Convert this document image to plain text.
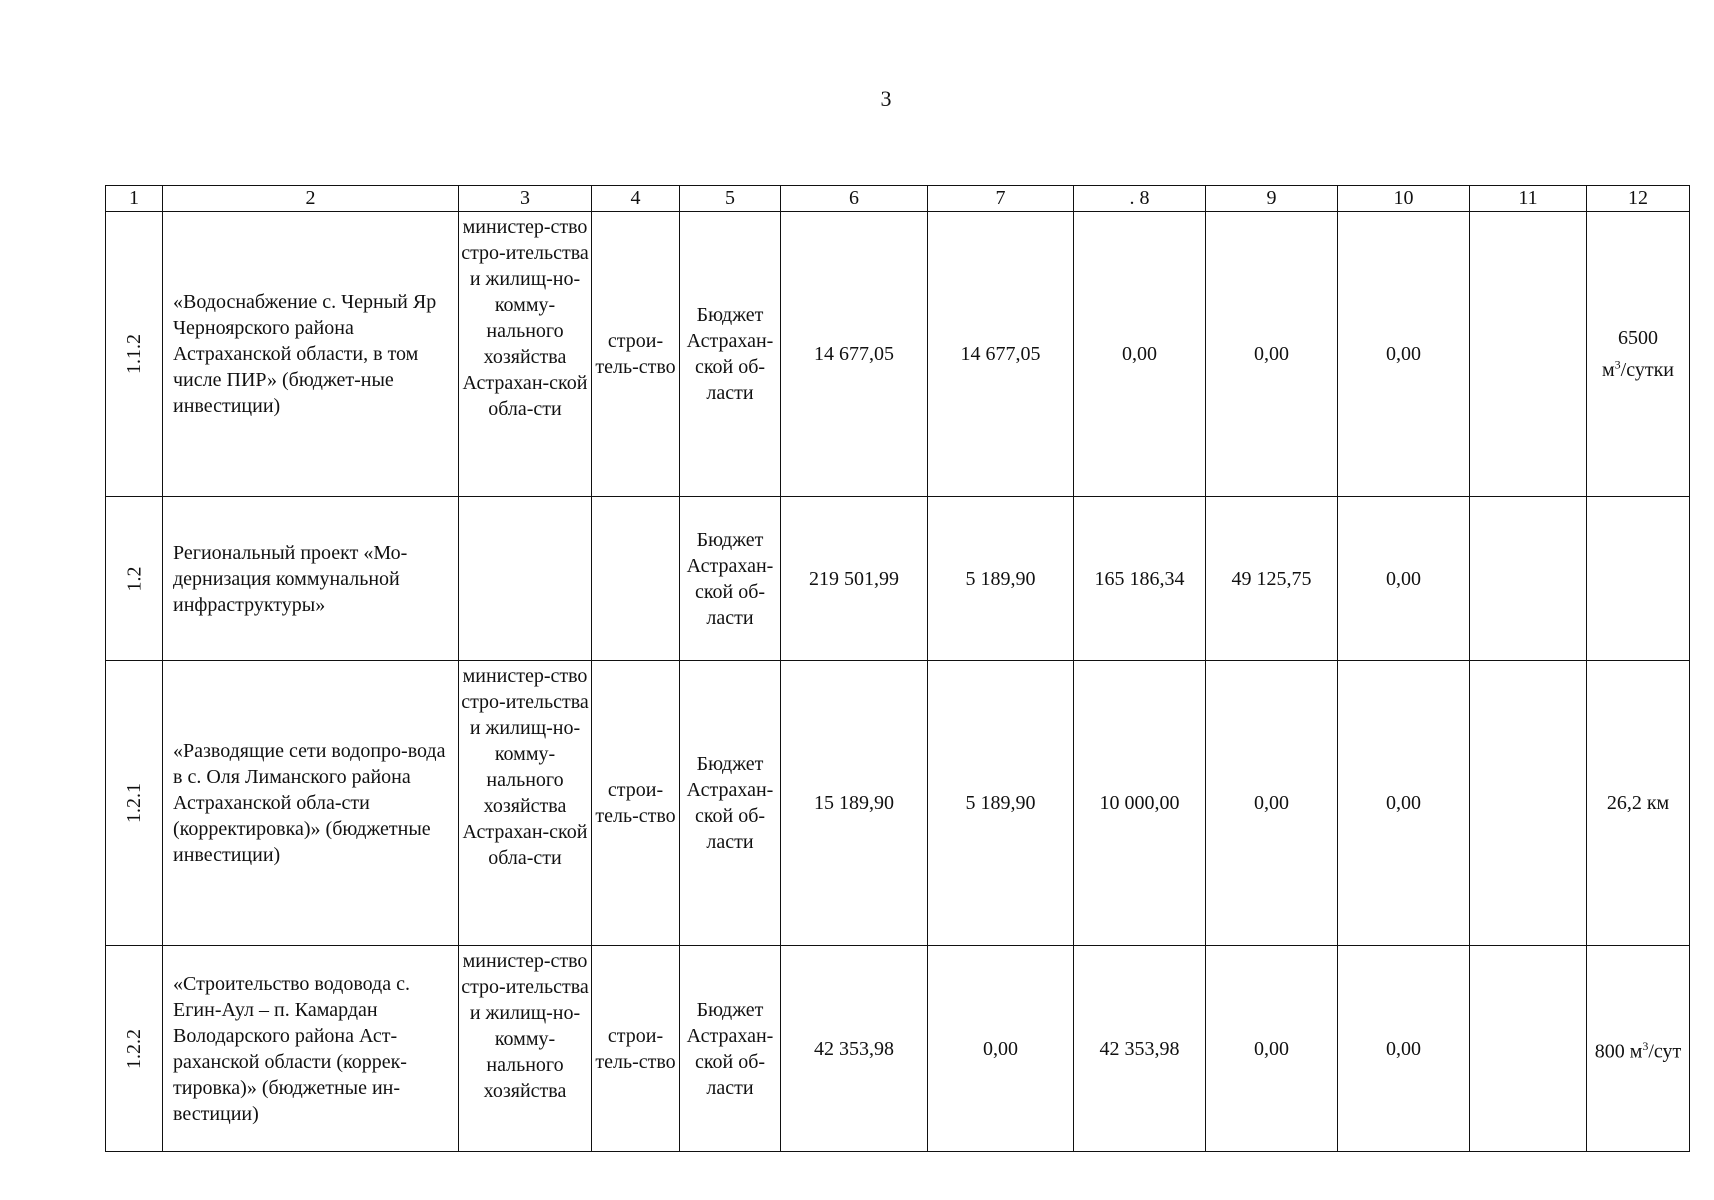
3
1	2	3	4	5	6	7	. 8	9	10	11	12
1.1.2	«Водоснабжение с. Черный Яр Черноярского района Астраханской области, в том числе ПИР» (бюджет-ные инвестиции)	министер-ство стро-ительства и жилищ-но-комму-нального хозяйства Астрахан-ской обла-сти	строи-тель-ство	Бюджет Астрахан-ской об-ласти	14 677,05	14 677,05	0,00	0,00	0,00		6500
$м^3$/сутки
1.2	Региональный проект «Мо-дернизация коммунальной инфраструктуры»			Бюджет Астрахан-ской об-ласти	219 501,99	5 189,90	165 186,34	49 125,75	0,00		
1.2.1	«Разводящие сети водопро-вода в с. Оля Лиманского района Астраханской обла-сти (корректировка)» (бюджетные инвестиции)	министер-ство стро-ительства и жилищ-но-комму-нального хозяйства Астрахан-ской обла-сти	строи-тель-ство	Бюджет Астрахан-ской об-ласти	15 189,90	5 189,90	10 000,00	0,00	0,00		26,2 км
1.2.2	«Строительство водовода с. Егин-Аул – п. Камардан Володарского района Аст-раханской области (коррек-тировка)» (бюджетные ин-вестиции)	министер-ство стро-ительства и жилищ-но-комму-нального хозяйства	строи-тель-ство	Бюджет Астрахан-ской об-ласти	42 353,98	0,00	42 353,98	0,00	0,00		800 $м^3$/сут
